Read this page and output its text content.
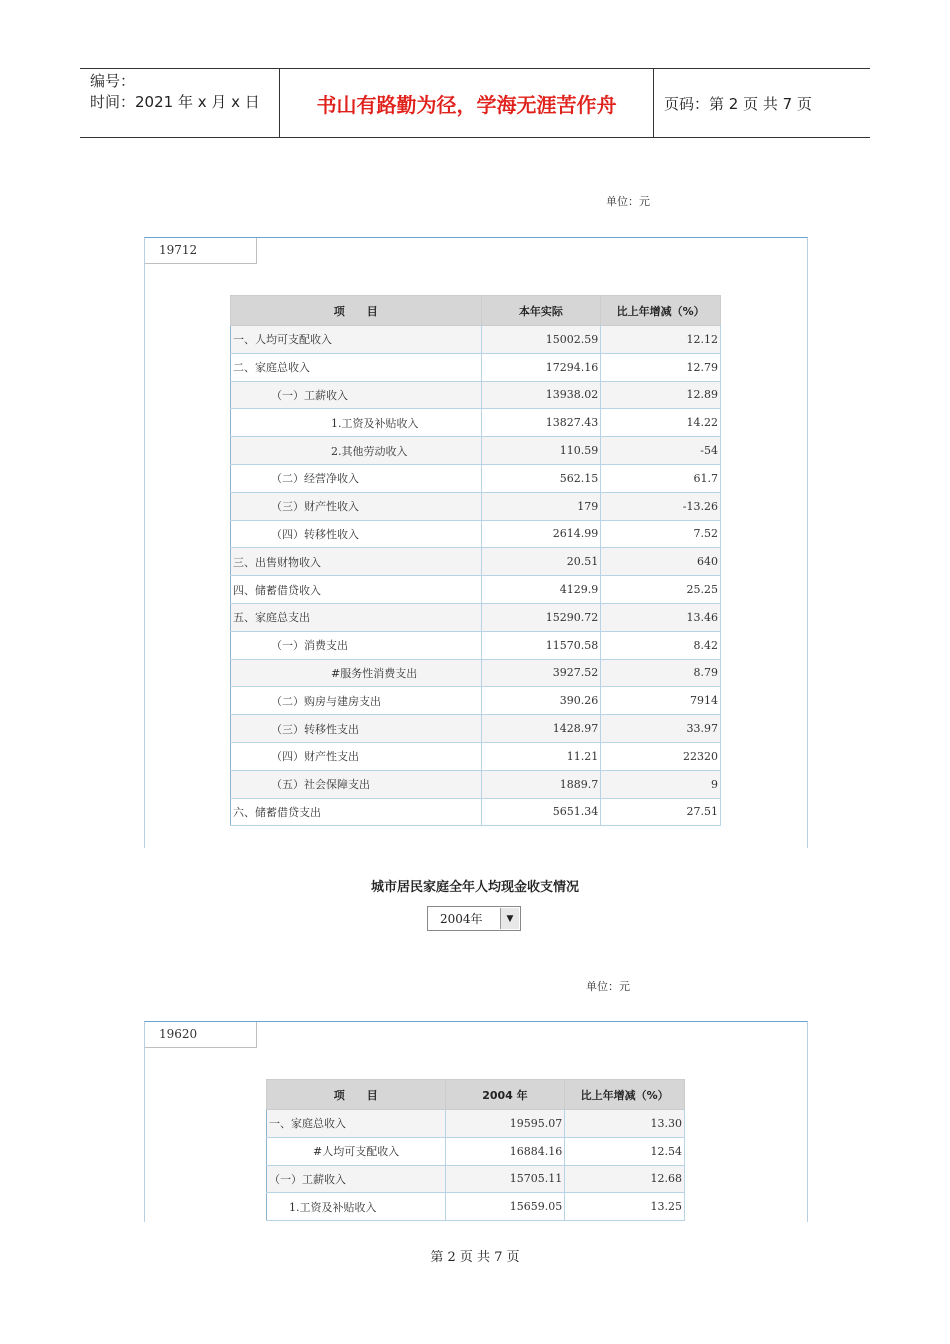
编号：
时间：2021 年 x 月 x 日	书山有路勤为径，学海无涯苦作舟	页码：第 2 页 共 7 页
单位：元
19712
项　　目	本年实际	比上年增减（%）
一、人均可支配收入	15002.59	12.12
二、家庭总收入	17294.16	12.79
（一）工薪收入	13938.02	12.89
1.工资及补贴收入	13827.43	14.22
2.其他劳动收入	110.59	-54
（二）经营净收入	562.15	61.7
（三）财产性收入	179	-13.26
（四）转移性收入	2614.99	7.52
三、出售财物收入	20.51	640
四、储蓄借贷收入	4129.9	25.25
五、家庭总支出	15290.72	13.46
（一）消费支出	11570.58	8.42
#服务性消费支出	3927.52	8.79
（二）购房与建房支出	390.26	7914
（三）转移性支出	1428.97	33.97
（四）财产性支出	11.21	22320
（五）社会保障支出	1889.7	9
六、储蓄借贷支出	5651.34	27.51
城市居民家庭全年人均现金收支情况
2004年	▼
单位：元
19620
项　　目	2004 年	比上年增减（%）
一、家庭总收入	19595.07	13.30
#人均可支配收入	16884.16	12.54
（一）工薪收入	15705.11	12.68
1.工资及补贴收入	15659.05	13.25
第 2 页 共 7 页
